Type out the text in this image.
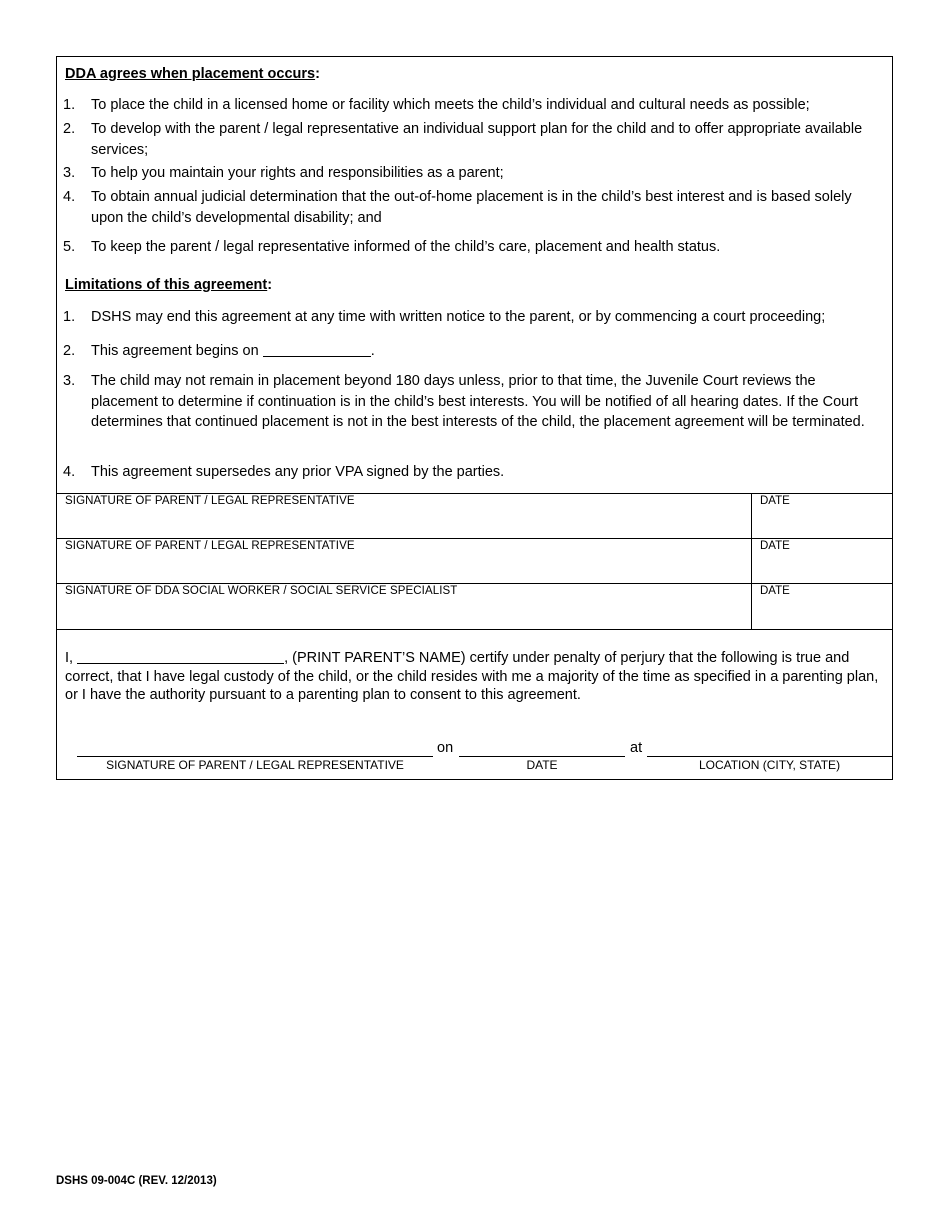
DDA agrees when placement occurs:
1. To place the child in a licensed home or facility which meets the child’s individual and cultural needs as possible;
2. To develop with the parent / legal representative an individual support plan for the child and to offer appropriate available services;
3. To help you maintain your rights and responsibilities as a parent;
4. To obtain annual judicial determination that the out-of-home placement is in the child’s best interest and is based solely upon the child’s developmental disability; and
5. To keep the parent / legal representative informed of the child’s care, placement and health status.
Limitations of this agreement:
1. DSHS may end this agreement at any time with written notice to the parent, or by commencing a court proceeding;
2. This agreement begins on	.
3. The child may not remain in placement beyond 180 days unless, prior to that time, the Juvenile Court reviews the placement to determine if continuation is in the child’s best interests. You will be notified of all hearing dates. If the Court determines that continued placement is not in the best interests of the child, the placement agreement will be terminated.
4. This agreement supersedes any prior VPA signed by the parties.
SIGNATURE OF PARENT / LEGAL REPRESENTATIVE	DATE
SIGNATURE OF PARENT / LEGAL REPRESENTATIVE	DATE
SIGNATURE OF DDA SOCIAL WORKER / SOCIAL SERVICE SPECIALIST	DATE
I,	, (PRINT PARENT’S NAME) certify under penalty of perjury that the following is true and correct, that I have legal custody of the child, or the child resides with me a majority of the time as specified in a parenting plan, or I have the authority pursuant to a parenting plan to consent to this agreement.
on	at
SIGNATURE OF PARENT / LEGAL REPRESENTATIVE	DATE	LOCATION (CITY, STATE)
DSHS 09-004C (REV. 12/2013)
